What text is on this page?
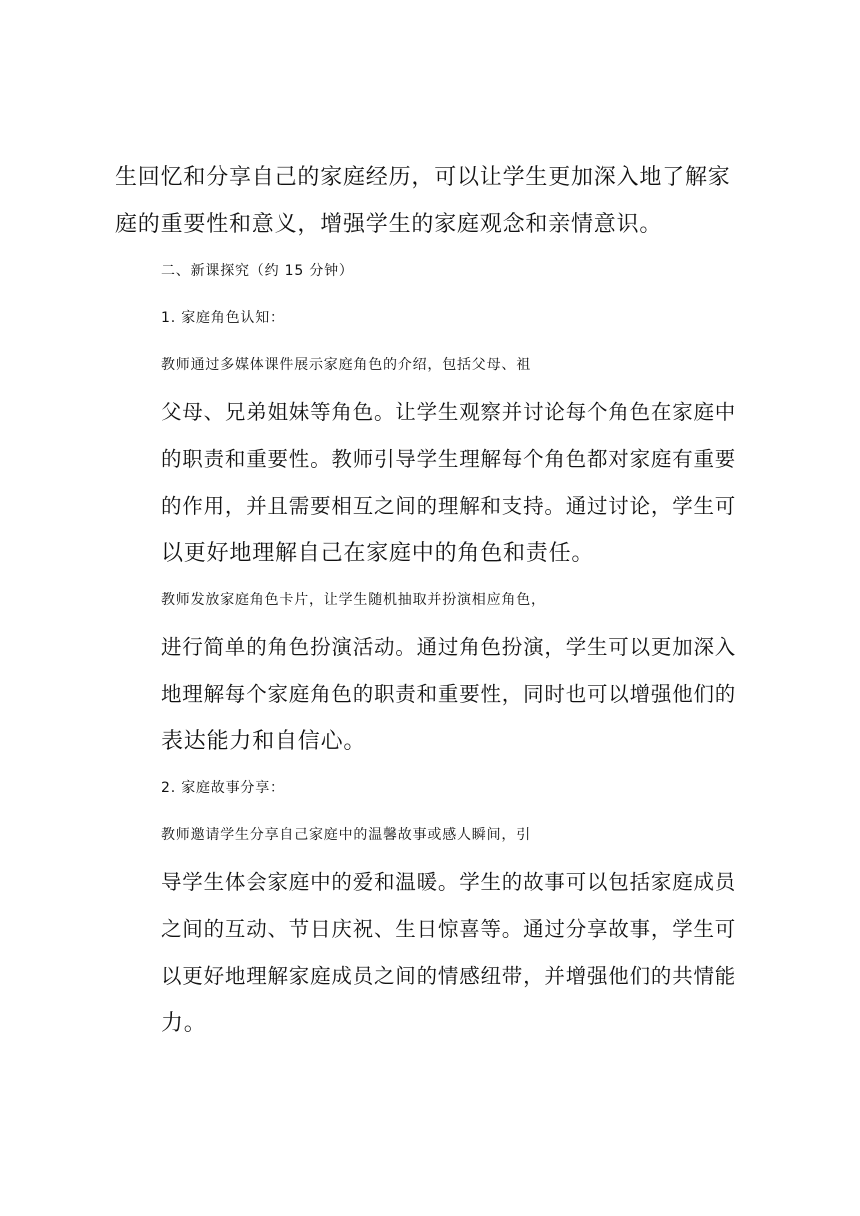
生回忆和分享自己的家庭经历，可以让学生更加深入地了解家
庭的重要性和意义，增强学生的家庭观念和亲情意识。

二、新课探究（约 15 分钟）

1. 家庭角色认知：

教师通过多媒体课件展示家庭角色的介绍，包括父母、祖
父母、兄弟姐妹等角色。让学生观察并讨论每个角色在家庭中
的职责和重要性。教师引导学生理解每个角色都对家庭有重要
的作用，并且需要相互之间的理解和支持。通过讨论，学生可
以更好地理解自己在家庭中的角色和责任。

教师发放家庭角色卡片，让学生随机抽取并扮演相应角色，
进行简单的角色扮演活动。通过角色扮演，学生可以更加深入
地理解每个家庭角色的职责和重要性，同时也可以增强他们的
表达能力和自信心。

2. 家庭故事分享：

教师邀请学生分享自己家庭中的温馨故事或感人瞬间，引
导学生体会家庭中的爱和温暖。学生的故事可以包括家庭成员
之间的互动、节日庆祝、生日惊喜等。通过分享故事，学生可
以更好地理解家庭成员之间的情感纽带，并增强他们的共情能
力。
